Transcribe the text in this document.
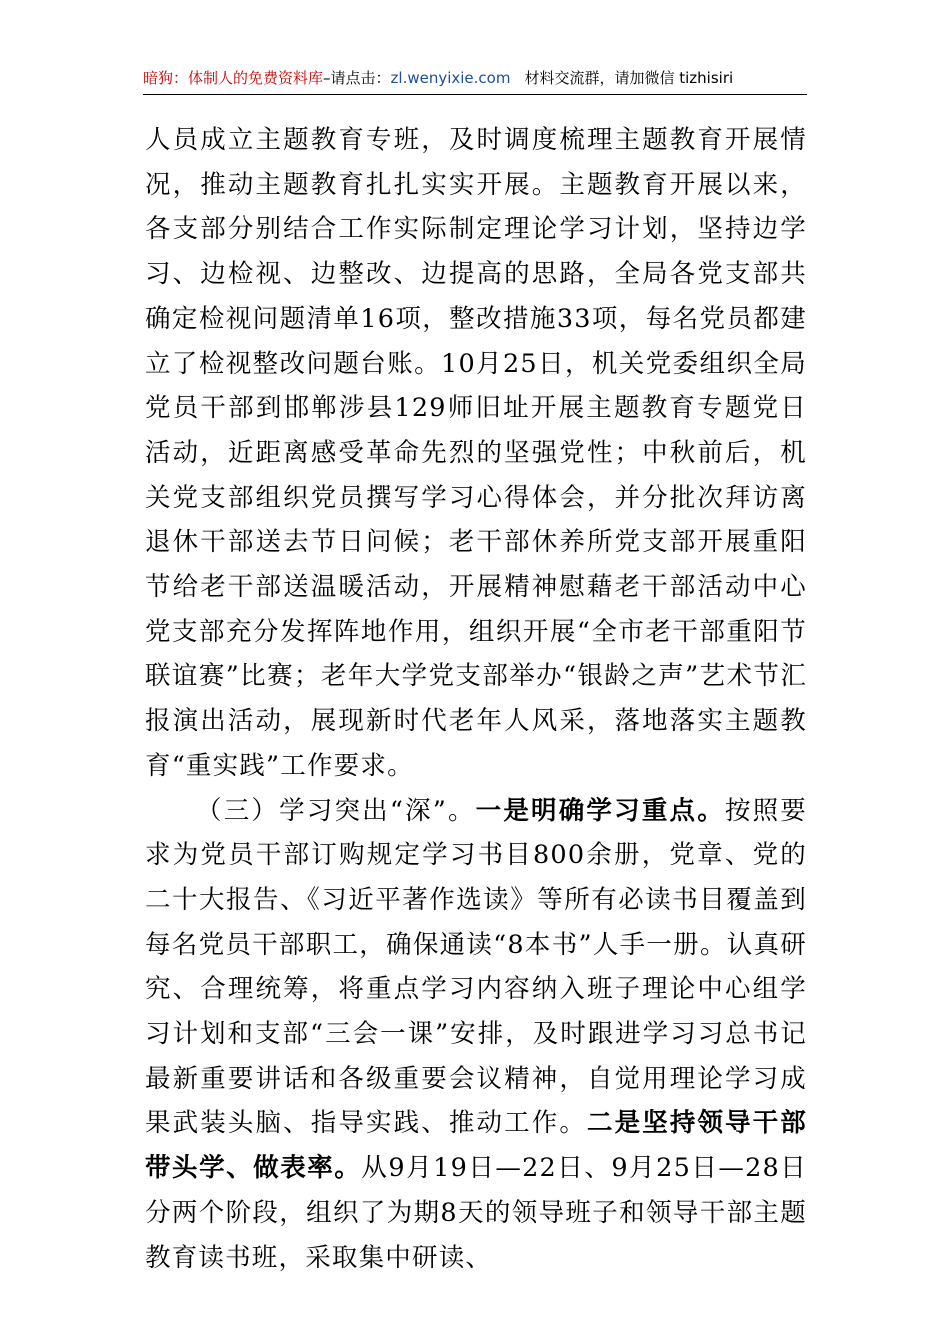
暗狗：体制人的免费资料库–请点击：zl.wenyixie.com 材料交流群，请加微信 tizhisiri

人员成立主题教育专班，及时调度梳理主题教育开展情况，推动主题教育扎扎实实开展。主题教育开展以来，各支部分别结合工作实际制定理论学习计划，坚持边学习、边检视、边整改、边提高的思路，全局各党支部共确定检视问题清单16项，整改措施33项，每名党员都建立了检视整改问题台账。10月25日，机关党委组织全局党员干部到邯郸涉县129师旧址开展主题教育专题党日活动，近距离感受革命先烈的坚强党性；中秋前后，机关党支部组织党员撰写学习心得体会，并分批次拜访离退休干部送去节日问候；老干部休养所党支部开展重阳节给老干部送温暖活动，开展精神慰藉老干部活动中心党支部充分发挥阵地作用，组织开展“全市老干部重阳节联谊赛”比赛；老年大学党支部举办“银龄之声”艺术节汇报演出活动，展现新时代老年人风采，落地落实主题教育“重实践”工作要求。

（三）学习突出“深”。一是明确学习重点。按照要求为党员干部订购规定学习书目800余册，党章、党的二十大报告、《习近平著作选读》等所有必读书目覆盖到每名党员干部职工，确保通读“8本书”人手一册。认真研究、合理统筹，将重点学习内容纳入班子理论中心组学习计划和支部“三会一课”安排，及时跟进学习习总书记最新重要讲话和各级重要会议精神，自觉用理论学习成果武装头脑、指导实践、推动工作。二是坚持领导干部带头学、做表率。从9月19日—22日、9月25日—28日分两个阶段，组织了为期8天的领导班子和领导干部主题教育读书班，采取集中研读、
